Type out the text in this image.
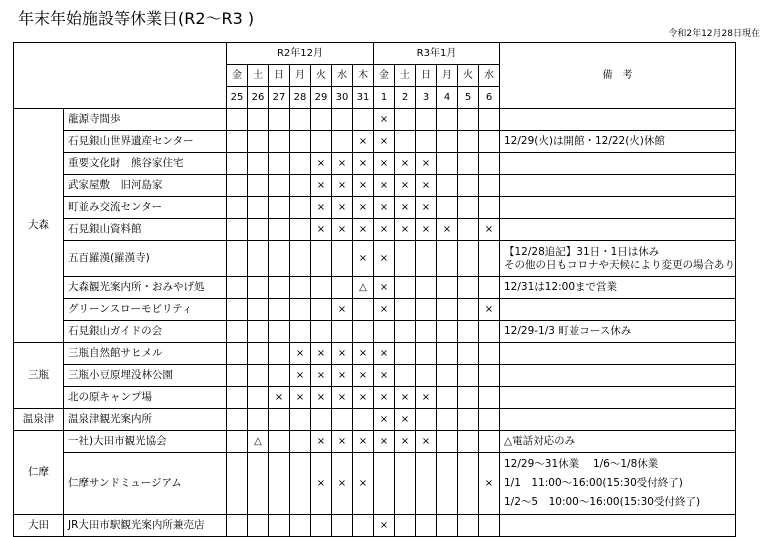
年末年始施設等休業日(R2～R3 )
令和2年12月28日現在
		R2年12月							R3年1月						備　考
		金	土	日	月	火	水	木	金	土	日	月	火	水	
		25	26	27	28	29	30	31	1	2	3	4	5	6	
大森	龍源寺間歩								×						
	石見銀山世界遺産センター							×	×						12/29(火)は開館・12/22(火)休館

	重要文化財　熊谷家住宅					×	×	×	×	×	×				
	武家屋敷　旧河島家					×	×	×	×	×	×				
	町並み交流センター					×	×	×	×	×	×				
	石見銀山資料館					×	×	×	×	×	×	×		×	
	五百羅漢(羅漢寺)							×	×						【12/28追記】31日・1日は休み
その他の日もコロナや天候により変更の場合あり

	大森観光案内所・おみやげ処							△	×						12/31は12:00まで営業

	グリーンスローモビリティ						×		×					×	
	石見銀山ガイドの会														12/29-1/3 町並コース休み

三瓶	三瓶自然館サヒメル				×	×	×	×	×						
	三瓶小豆原埋没林公園				×	×	×	×	×						
	北の原キャンプ場			×	×	×	×	×	×	×	×				
温泉津	温泉津観光案内所								×	×					
仁摩	一社)大田市観光協会		△			×	×	×	×	×	×				△電話対応のみ

	仁摩サンドミュージアム					×	×	×						×	12/29～31休業　 1/6～1/8休業
1/1　11:00～16:00(15:30受付終了)
1/2～5　10:00～16:00(15:30受付終了)

大田	JR大田市駅観光案内所兼売店								×						
